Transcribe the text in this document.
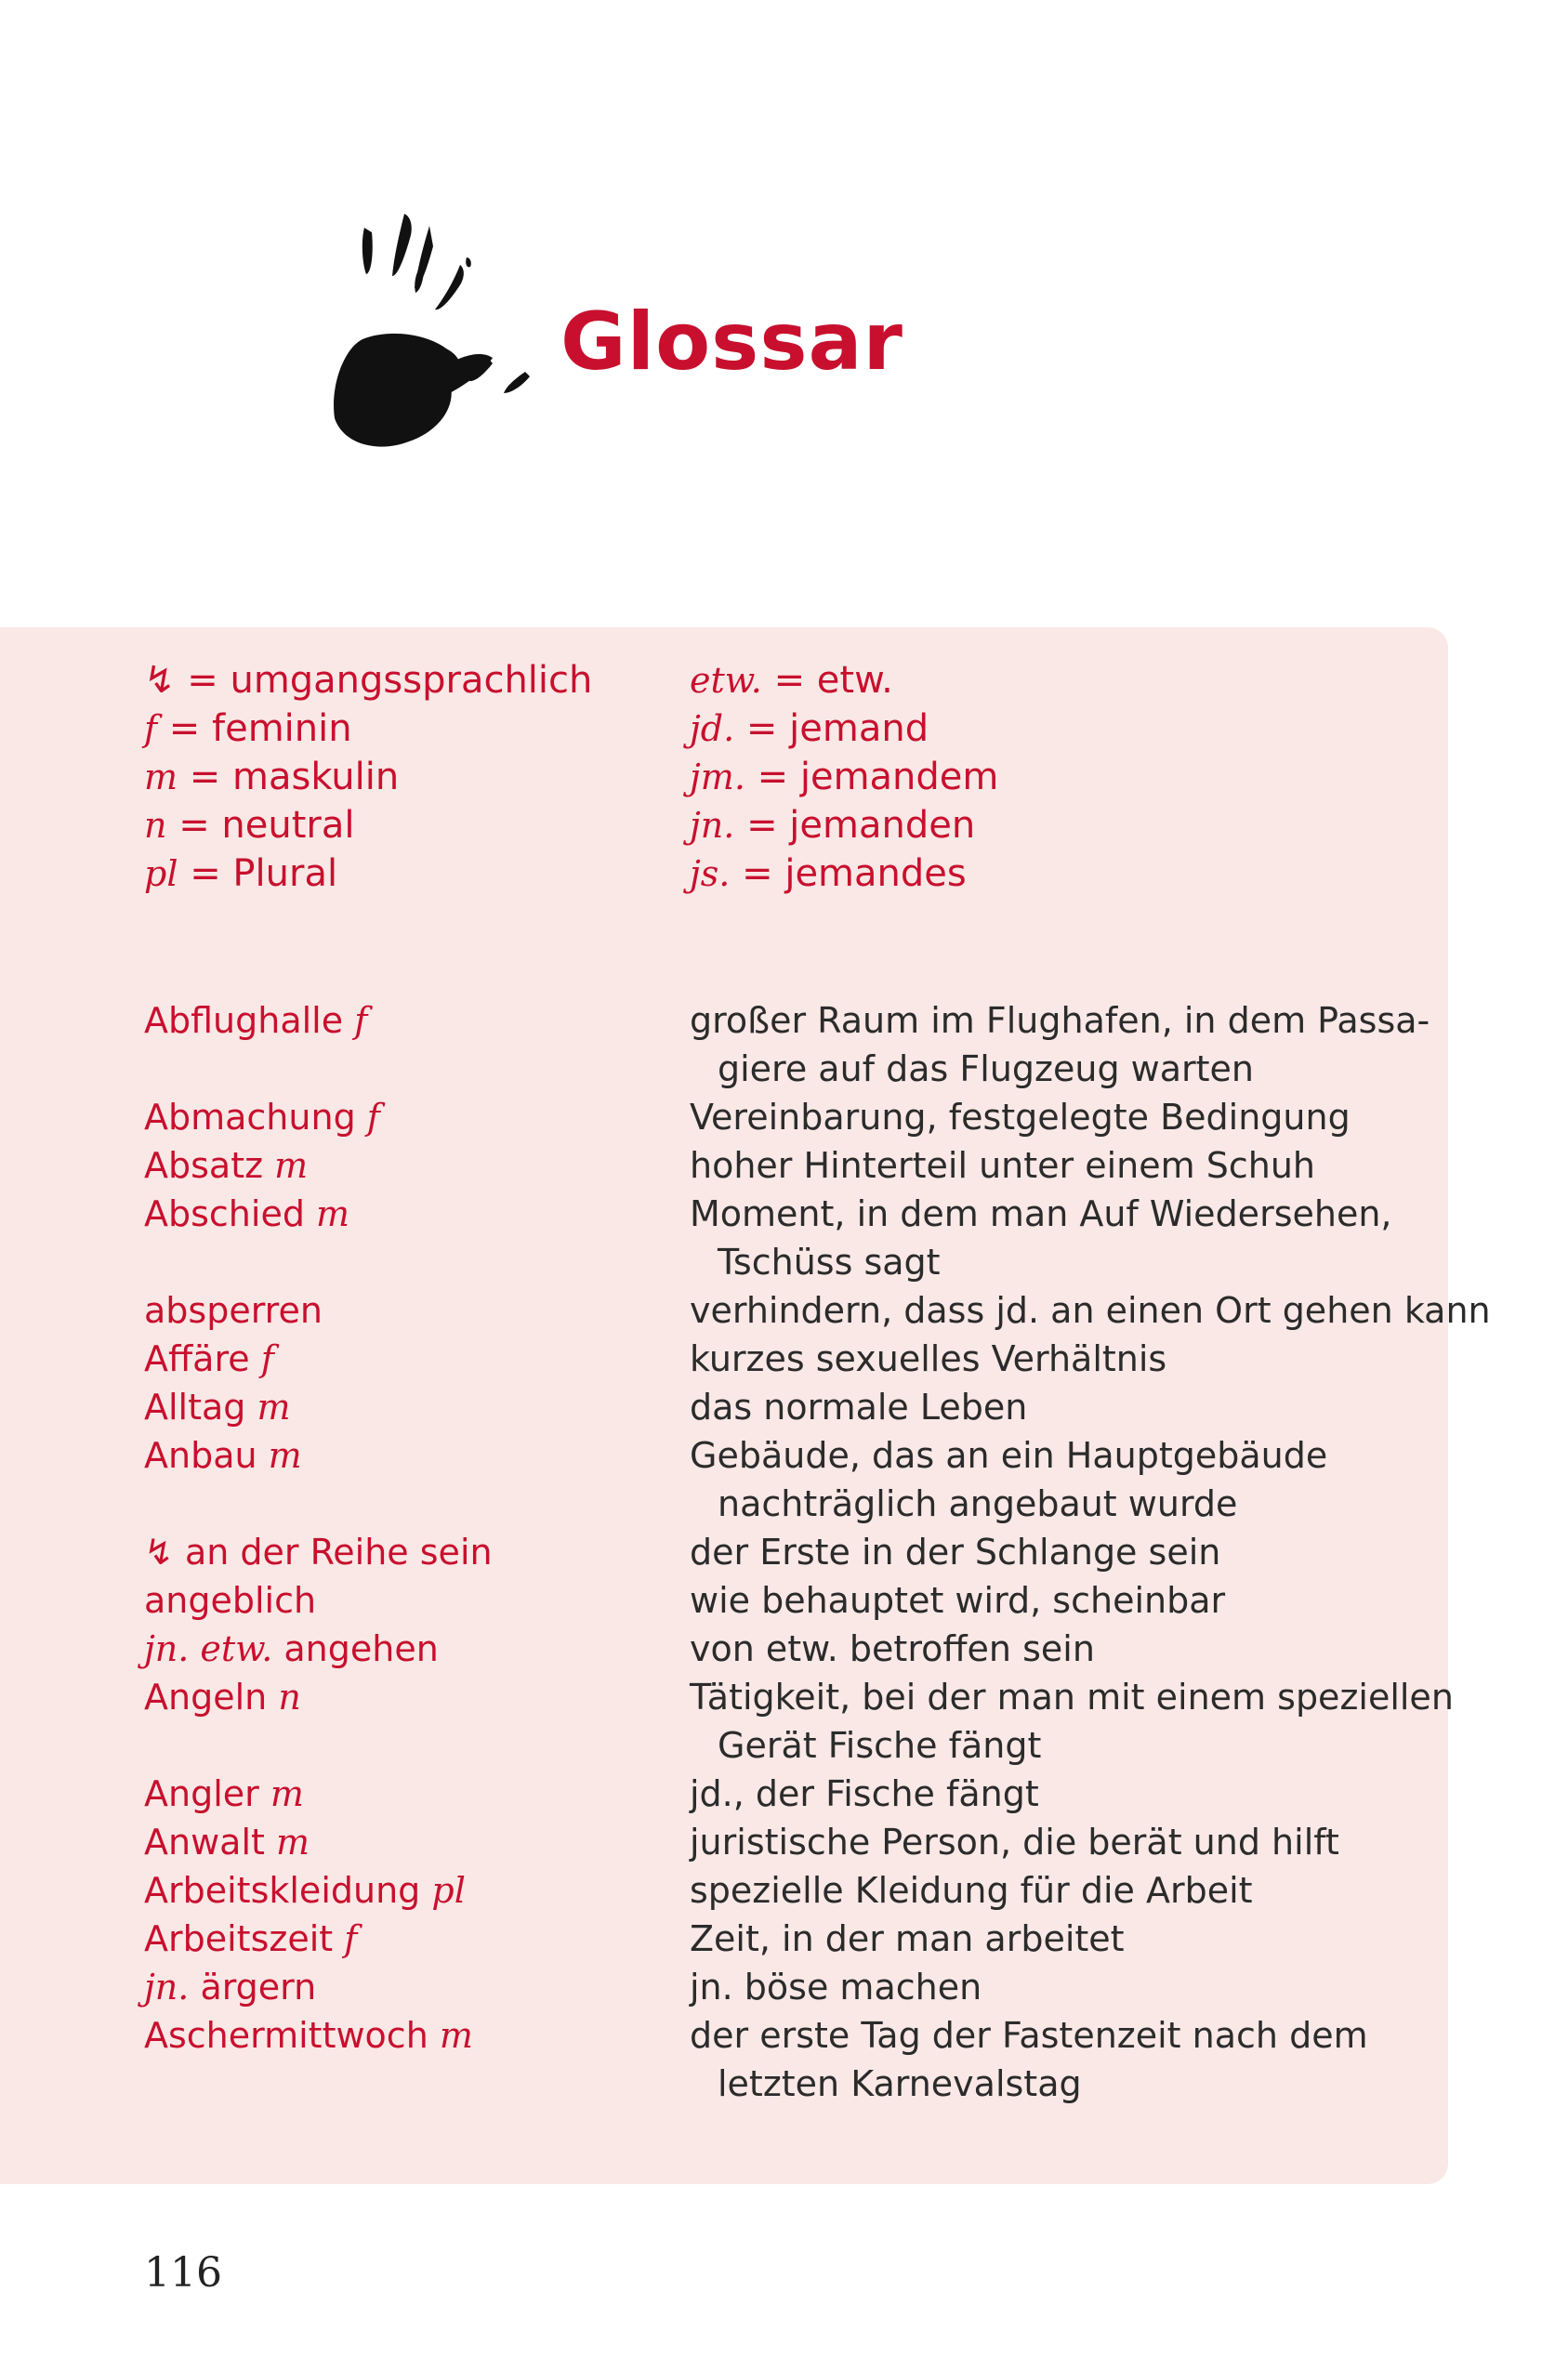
Glossar
↯ = umgangssprachlich
f = feminin
m = maskulin
n = neutral
pl = Plural
etw. = etw.
jd. = jemand
jm. = jemandem
jn. = jemanden
js. = jemandes
Abflughalle f	großer Raum im Flughafen, in dem Passa-
giere auf das Flugzeug warten
Abmachung f	Vereinbarung, festgelegte Bedingung
Absatz m	hoher Hinterteil unter einem Schuh
Abschied m	Moment, in dem man Auf Wiedersehen,
Tschüss sagt
absperren	verhindern, dass jd. an einen Ort gehen kann
Affäre f	kurzes sexuelles Verhältnis
Alltag m	das normale Leben
Anbau m	Gebäude, das an ein Hauptgebäude
nachträglich angebaut wurde
↯ an der Reihe sein	der Erste in der Schlange sein
angeblich	wie behauptet wird, scheinbar
jn. etw. angehen	von etw. betroffen sein
Angeln n	Tätigkeit, bei der man mit einem speziellen
Gerät Fische fängt
Angler m	jd., der Fische fängt
Anwalt m	juristische Person, die berät und hilft
Arbeitskleidung pl	spezielle Kleidung für die Arbeit
Arbeitszeit f	Zeit, in der man arbeitet
jn. ärgern	jn. böse machen
Aschermittwoch m	der erste Tag der Fastenzeit nach dem
letzten Karnevalstag
116
